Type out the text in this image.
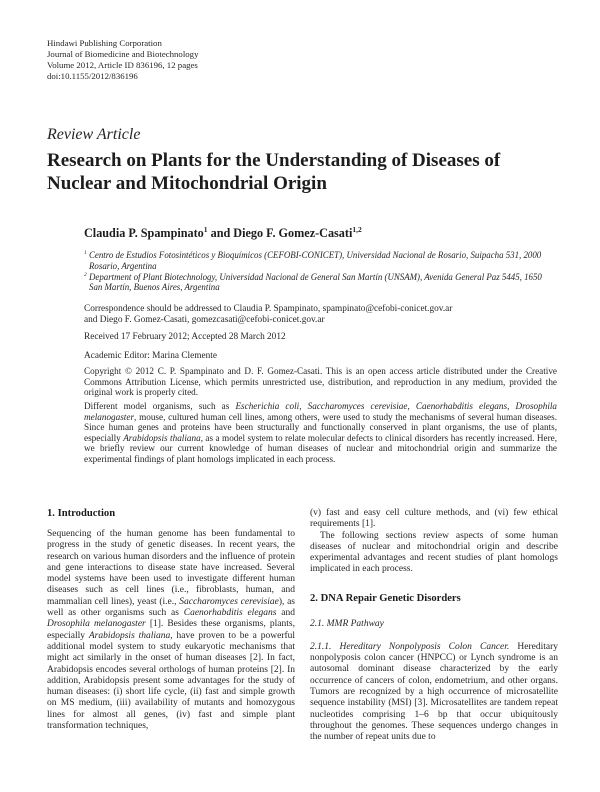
Hindawi Publishing Corporation
Journal of Biomedicine and Biotechnology
Volume 2012, Article ID 836196, 12 pages
doi:10.1155/2012/836196
Review Article
Research on Plants for the Understanding of Diseases of Nuclear and Mitochondrial Origin
Claudia P. Spampinato$^1$ and Diego F. Gomez-Casati$^{1,2}$
$^1$ Centro de Estudios Fotosintéticos y Bioquímicos (CEFOBI-CONICET), Universidad Nacional de Rosario, Suipacha 531, 2000 Rosario, Argentina
$^2$ Department of Plant Biotechnology, Universidad Nacional de General San Martín (UNSAM), Avenida General Paz 5445, 1650 San Martín, Buenos Aires, Argentina
Correspondence should be addressed to Claudia P. Spampinato, spampinato@cefobi-conicet.gov.ar
and Diego F. Gomez-Casati, gomezcasati@cefobi-conicet.gov.ar
Received 17 February 2012; Accepted 28 March 2012
Academic Editor: Marina Clemente

Copyright © 2012 C. P. Spampinato and D. F. Gomez-Casati. This is an open access article distributed under the Creative Commons Attribution License, which permits unrestricted use, distribution, and reproduction in any medium, provided the original work is properly cited.

Different model organisms, such as Escherichia coli, Saccharomyces cerevisiae, Caenorhabditis elegans, Drosophila melanogaster, mouse, cultured human cell lines, among others, were used to study the mechanisms of several human diseases. Since human genes and proteins have been structurally and functionally conserved in plant organisms, the use of plants, especially Arabidopsis thaliana, as a model system to relate molecular defects to clinical disorders has recently increased. Here, we briefly review our current knowledge of human diseases of nuclear and mitochondrial origin and summarize the experimental findings of plant homologs implicated in each process.

1. Introduction

Sequencing of the human genome has been fundamental to progress in the study of genetic diseases. In recent years, the research on various human disorders and the influence of protein and gene interactions to disease state have increased. Several model systems have been used to investigate different human diseases such as cell lines (i.e., fibroblasts, human, and mammalian cell lines), yeast (i.e., Saccharomyces cerevisiae), as well as other organisms such as Caenorhabditis elegans and Drosophila melanogaster [1]. Besides these organisms, plants, especially Arabidopsis thaliana, have proven to be a powerful additional model system to study eukaryotic mechanisms that might act similarly in the onset of human diseases [2]. In fact, Arabidopsis encodes several orthologs of human proteins [2]. In addition, Arabidopsis present some advantages for the study of human diseases: (i) short life cycle, (ii) fast and simple growth on MS medium, (iii) availability of mutants and homozygous lines for almost all genes, (iv) fast and simple plant transformation techniques,

(v) fast and easy cell culture methods, and (vi) few ethical requirements [1].

The following sections review aspects of some human diseases of nuclear and mitochondrial origin and describe experimental advantages and recent studies of plant homologs implicated in each process.

2. DNA Repair Genetic Disorders
2.1. MMR Pathway

2.1.1. Hereditary Nonpolyposis Colon Cancer. Hereditary nonpolyposis colon cancer (HNPCC) or Lynch syndrome is an autosomal dominant disease characterized by the early occurrence of cancers of colon, endometrium, and other organs. Tumors are recognized by a high occurrence of microsatellite sequence instability (MSI) [3]. Microsatellites are tandem repeat nucleotides comprising 1–6 bp that occur ubiquitously throughout the genomes. These sequences undergo changes in the number of repeat units due to
